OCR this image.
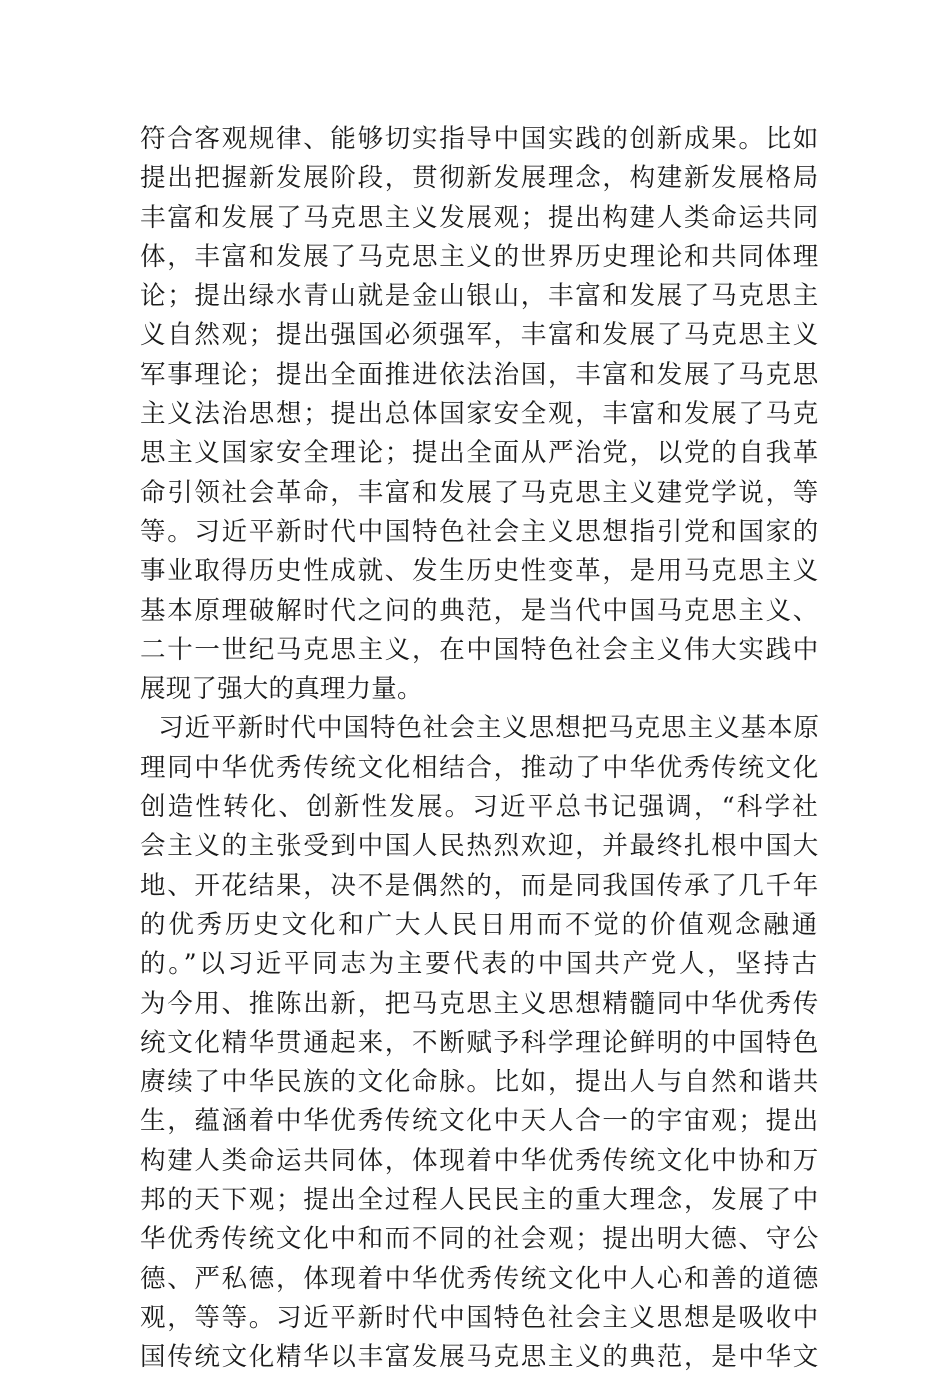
符合客观规律、能够切实指导中国实践的创新成果。比如
提出把握新发展阶段，贯彻新发展理念，构建新发展格局
丰富和发展了马克思主义发展观；提出构建人类命运共同
体，丰富和发展了马克思主义的世界历史理论和共同体理
论；提出绿水青山就是金山银山，丰富和发展了马克思主
义自然观；提出强国必须强军，丰富和发展了马克思主义
军事理论；提出全面推进依法治国，丰富和发展了马克思
主义法治思想；提出总体国家安全观，丰富和发展了马克
思主义国家安全理论；提出全面从严治党，以党的自我革
命引领社会革命，丰富和发展了马克思主义建党学说，等
等。习近平新时代中国特色社会主义思想指引党和国家的
事业取得历史性成就、发生历史性变革，是用马克思主义
基本原理破解时代之问的典范，是当代中国马克思主义、
二十一世纪马克思主义，在中国特色社会主义伟大实践中
展现了强大的真理力量。
习近平新时代中国特色社会主义思想把马克思主义基本原
理同中华优秀传统文化相结合，推动了中华优秀传统文化
创造性转化、创新性发展。习近平总书记强调，“科学社
会主义的主张受到中国人民热烈欢迎，并最终扎根中国大
地、开花结果，决不是偶然的，而是同我国传承了几千年
的优秀历史文化和广大人民日用而不觉的价值观念融通
的。”以习近平同志为主要代表的中国共产党人，坚持古
为今用、推陈出新，把马克思主义思想精髓同中华优秀传
统文化精华贯通起来，不断赋予科学理论鲜明的中国特色
赓续了中华民族的文化命脉。比如，提出人与自然和谐共
生，蕴涵着中华优秀传统文化中天人合一的宇宙观；提出
构建人类命运共同体，体现着中华优秀传统文化中协和万
邦的天下观；提出全过程人民民主的重大理念，发展了中
华优秀传统文化中和而不同的社会观；提出明大德、守公
德、严私德，体现着中华优秀传统文化中人心和善的道德
观，等等。习近平新时代中国特色社会主义思想是吸收中
国传统文化精华以丰富发展马克思主义的典范，是中华文
